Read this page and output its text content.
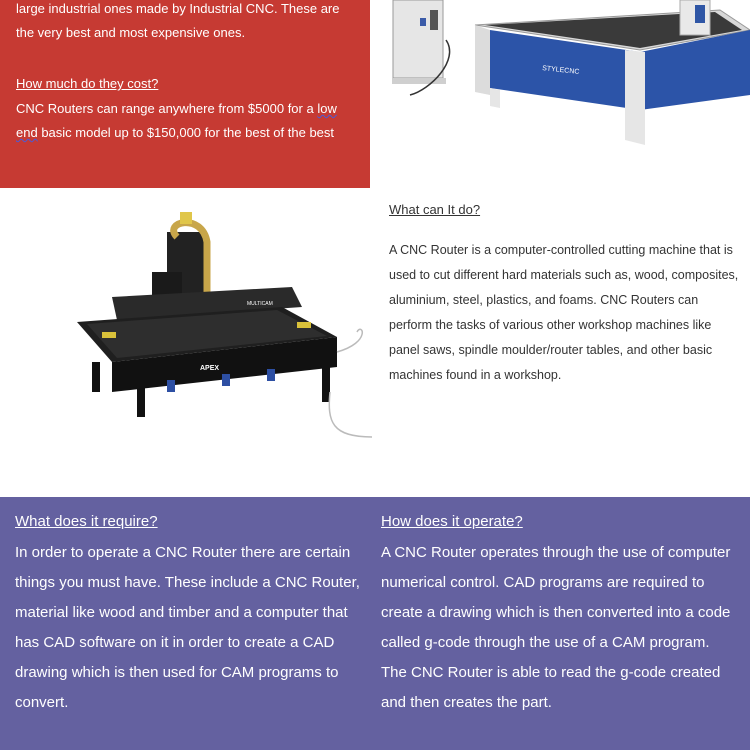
large industrial ones made by Industrial CNC. These are the very best and most expensive ones.

How much do they cost?

CNC Routers can range anywhere from $5000 for a low
end basic model up to $150,000 for the best of the best

STYLECNC
MULTICAM
APEX

What can It do?

A CNC Router is a computer-controlled cutting machine that is used to cut different hard materials such as, wood, composites, aluminium, steel, plastics, and foams. CNC Routers can perform the tasks of various other workshop machines like panel saws, spindle moulder/router tables, and other basic machines found in a workshop.

What does it require?

In order to operate a CNC Router there are certain things you must have. These include a CNC Router, material like wood and timber and a computer that has CAD software on it in order to create a CAD drawing which is then used for CAM programs to convert.

How does it operate?

A CNC Router operates through the use of computer numerical control. CAD programs are required to create a drawing which is then converted into a code called g-code through the use of a CAM program. The CNC Router is able to read the g-code created and then creates the part.
